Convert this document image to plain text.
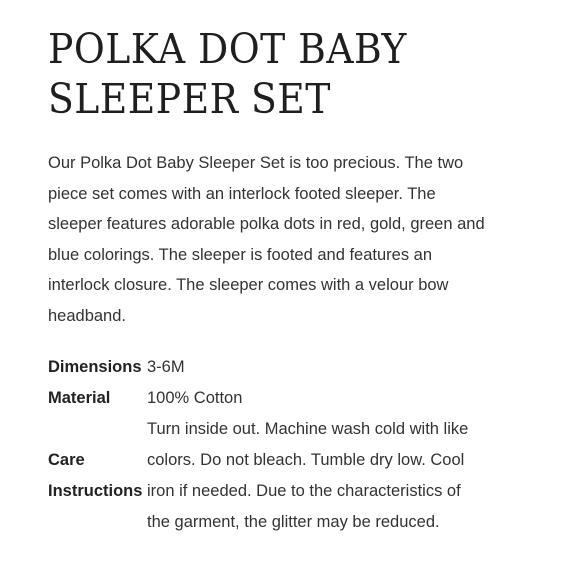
POLKA DOT BABY
SLEEPER SET

Our Polka Dot Baby Sleeper Set is too precious. The two piece set comes with an interlock footed sleeper. The sleeper features adorable polka dots in red, gold, green and blue colorings. The sleeper is footed and features an interlock closure. The sleeper comes with a velour bow headband.

Dimensions	3-6M
Material	100% Cotton

Care
Instructions	Turn inside out. Machine wash cold with like colors. Do not bleach. Tumble dry low. Cool iron if needed. Due to the characteristics of the garment, the glitter may be reduced.
